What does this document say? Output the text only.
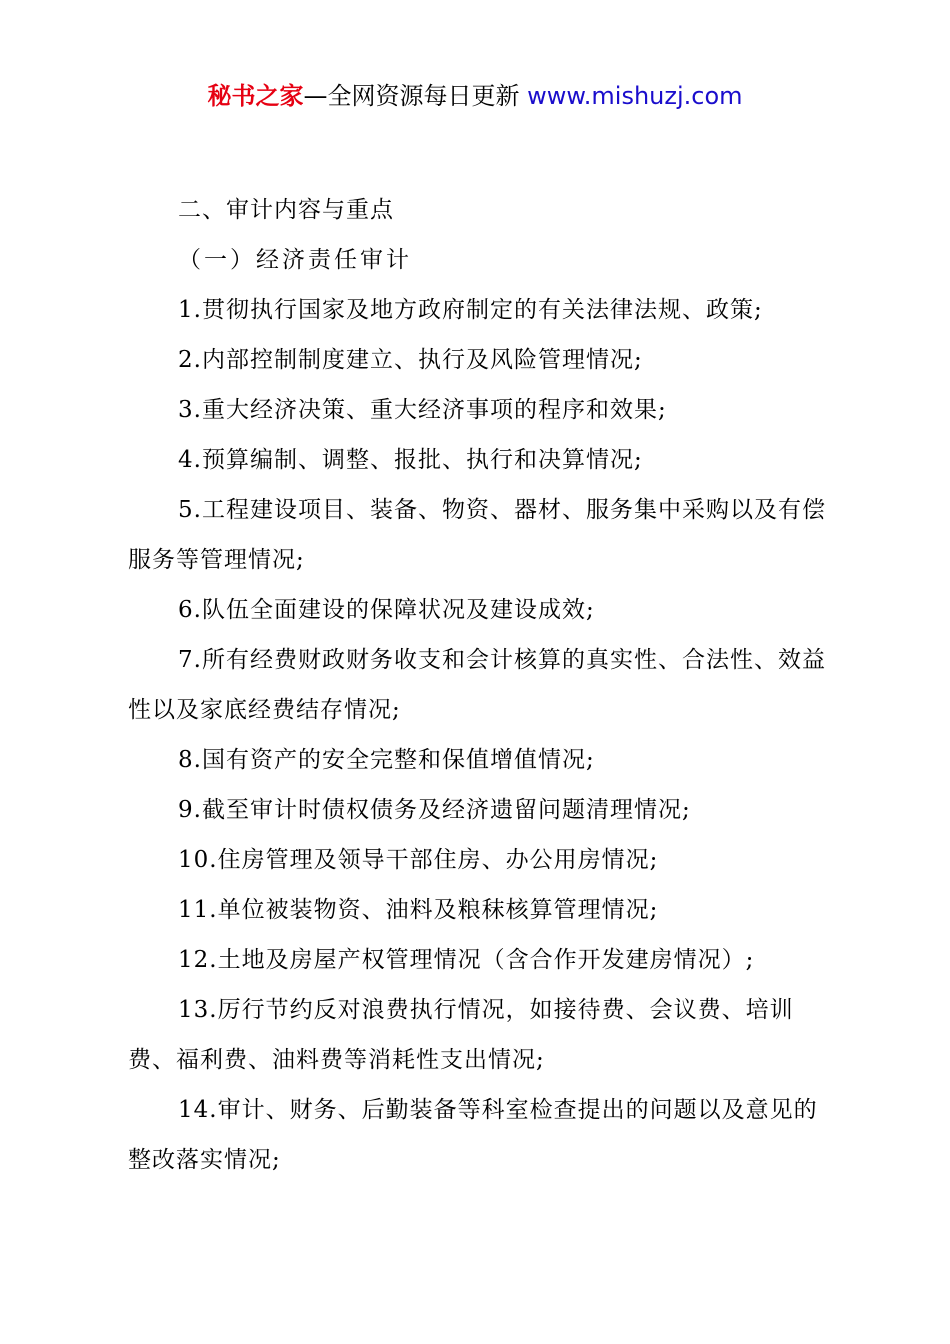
秘书之家—全网资源每日更新 www.mishuzj.com

二、审计内容与重点

（一）经济责任审计

1.贯彻执行国家及地方政府制定的有关法律法规、政策;

2.内部控制制度建立、执行及风险管理情况;

3.重大经济决策、重大经济事项的程序和效果;

4.预算编制、调整、报批、执行和决算情况;

5.工程建设项目、装备、物资、器材、服务集中采购以及有偿服务等管理情况;

6.队伍全面建设的保障状况及建设成效;

7.所有经费财政财务收支和会计核算的真实性、合法性、效益性以及家底经费结存情况;

8.国有资产的安全完整和保值增值情况;

9.截至审计时债权债务及经济遗留问题清理情况;

10.住房管理及领导干部住房、办公用房情况;

11.单位被装物资、油料及粮秣核算管理情况;

12.土地及房屋产权管理情况（含合作开发建房情况）;

13.厉行节约反对浪费执行情况，如接待费、会议费、培训费、福利费、油料费等消耗性支出情况;

14.审计、财务、后勤装备等科室检查提出的问题以及意见的整改落实情况;
